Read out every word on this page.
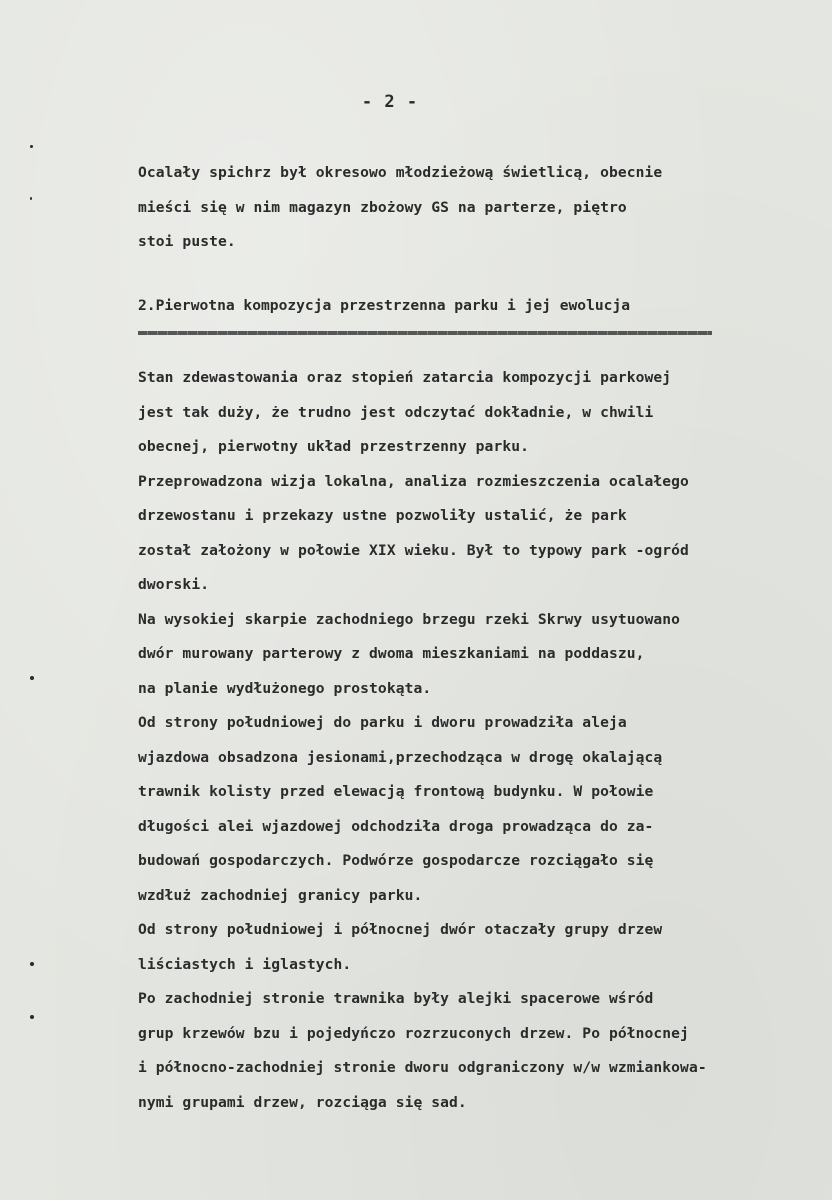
- 2 -
Ocalały spichrz był okresowo młodzieżową świetlicą, obecnie
mieści się w nim magazyn zbożowy GS na parterze, piętro
stoi puste.
2.Pierwotna kompozycja przestrzenna parku i jej ewolucja
Stan zdewastowania oraz stopień zatarcia kompozycji parkowej
jest tak duży, że trudno jest odczytać dokładnie, w chwili
obecnej, pierwotny układ przestrzenny parku.
Przeprowadzona wizja lokalna, analiza rozmieszczenia ocalałego
drzewostanu i przekazy ustne pozwoliły ustalić, że park
został założony w połowie XIX wieku. Był to typowy park -ogród
dworski.
Na wysokiej skarpie zachodniego brzegu rzeki Skrwy usytuowano
dwór murowany parterowy z dwoma mieszkaniami na poddaszu,
na planie wydłużonego prostokąta.
Od strony południowej do parku i dworu prowadziła aleja
wjazdowa obsadzona jesionami,przechodząca w drogę okalającą
trawnik kolisty przed elewacją frontową budynku. W połowie
długości alei wjazdowej odchodziła droga prowadząca do za-
budowań gospodarczych. Podwórze gospodarcze rozciągało się
wzdłuż zachodniej granicy parku.
Od strony południowej i północnej dwór otaczały grupy drzew
liściastych i iglastych.
Po zachodniej stronie trawnika były alejki spacerowe wśród
grup krzewów bzu i pojedyńczo rozrzuconych drzew. Po północnej
i północno-zachodniej stronie dworu odgraniczony w/w wzmiankowa-
nymi grupami drzew, rozciąga się sad.
